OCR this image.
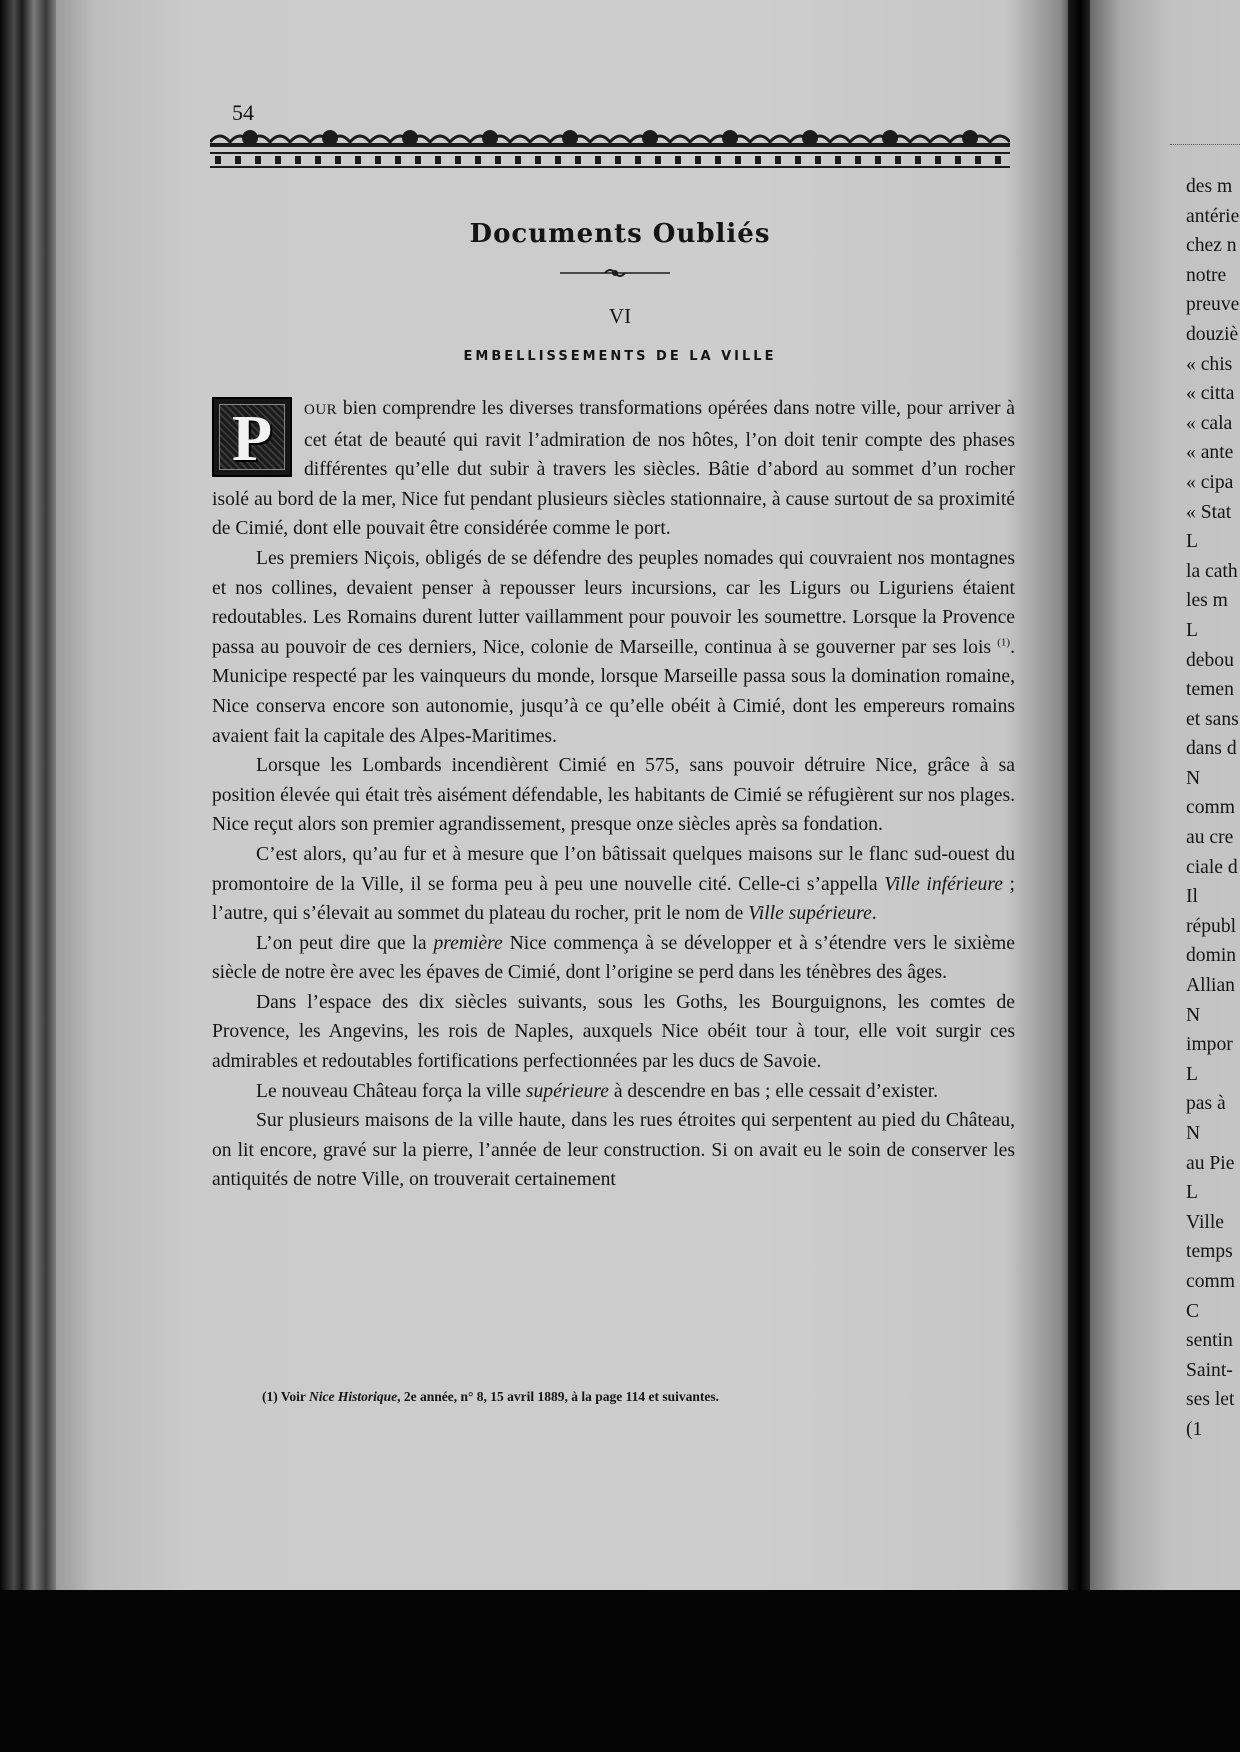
54
Documents Oubliés
VI
EMBELLISSEMENTS DE LA VILLE

P	OUR bien comprendre les diverses transformations opérées dans notre ville, pour arriver à cet état de beauté qui ravit l’admiration de nos hôtes, l’on doit tenir compte des phases différentes qu’elle dut subir à travers les siècles. Bâtie d’abord au sommet d’un rocher isolé au bord de la mer, Nice fut pendant plusieurs siècles stationnaire, à cause surtout de sa proximité de Cimié, dont elle pouvait être considérée comme le port.

Les premiers Niçois, obligés de se défendre des peuples nomades qui couvraient nos montagnes et nos collines, devaient penser à repousser leurs incursions, car les Ligurs ou Liguriens étaient redoutables. Les Romains durent lutter vaillamment pour pouvoir les soumettre. Lorsque la Provence passa au pouvoir de ces derniers, Nice, colonie de Marseille, continua à se gouverner par ses lois $^{(1)}$. Municipe respecté par les vainqueurs du monde, lorsque Marseille passa sous la domination romaine, Nice conserva encore son autonomie, jusqu’à ce qu’elle obéit à Cimié, dont les empereurs romains avaient fait la capitale des Alpes-Maritimes.

Lorsque les Lombards incendièrent Cimié en 575, sans pouvoir détruire Nice, grâce à sa position élevée qui était très aisément défendable, les habitants de Cimié se réfugièrent sur nos plages. Nice reçut alors son premier agrandissement, presque onze siècles après sa fondation.

C’est alors, qu’au fur et à mesure que l’on bâtissait quelques maisons sur le flanc sud-ouest du promontoire de la Ville, il se forma peu à peu une nouvelle cité. Celle-ci s’appella Ville inférieure ; l’autre, qui s’élevait au sommet du plateau du rocher, prit le nom de Ville supérieure.

L’on peut dire que la première Nice commença à se développer et à s’étendre vers le sixième siècle de notre ère avec les épaves de Cimié, dont l’origine se perd dans les ténèbres des âges.

Dans l’espace des dix siècles suivants, sous les Goths, les Bourguignons, les comtes de Provence, les Angevins, les rois de Naples, auxquels Nice obéit tour à tour, elle voit surgir ces admirables et redoutables fortifications perfectionnées par les ducs de Savoie.

Le nouveau Château força la ville supérieure à descendre en bas ; elle cessait d’exister.

Sur plusieurs maisons de la ville haute, dans les rues étroites qui serpentent au pied du Château, on lit encore, gravé sur la pierre, l’année de leur construction. Si on avait eu le soin de conserver les antiquités de notre Ville, on trouverait certainement

(1) Voir Nice Historique, 2e année, n° 8, 15 avril 1889, à la page 114 et suivantes.
des m
antérie
chez n
notre
preuve
douziè
« chis
« citta
« cala
« ante
« cipa
« Stat
L
la cath
les m
L
debou
temen
et sans
dans d
N
comm
au cre
ciale d
Il
républ
domin
Allian
N
impor
L
pas à
N
au Pie
L
Ville
temps
comm
C
sentin
Saint-
ses let
(1
